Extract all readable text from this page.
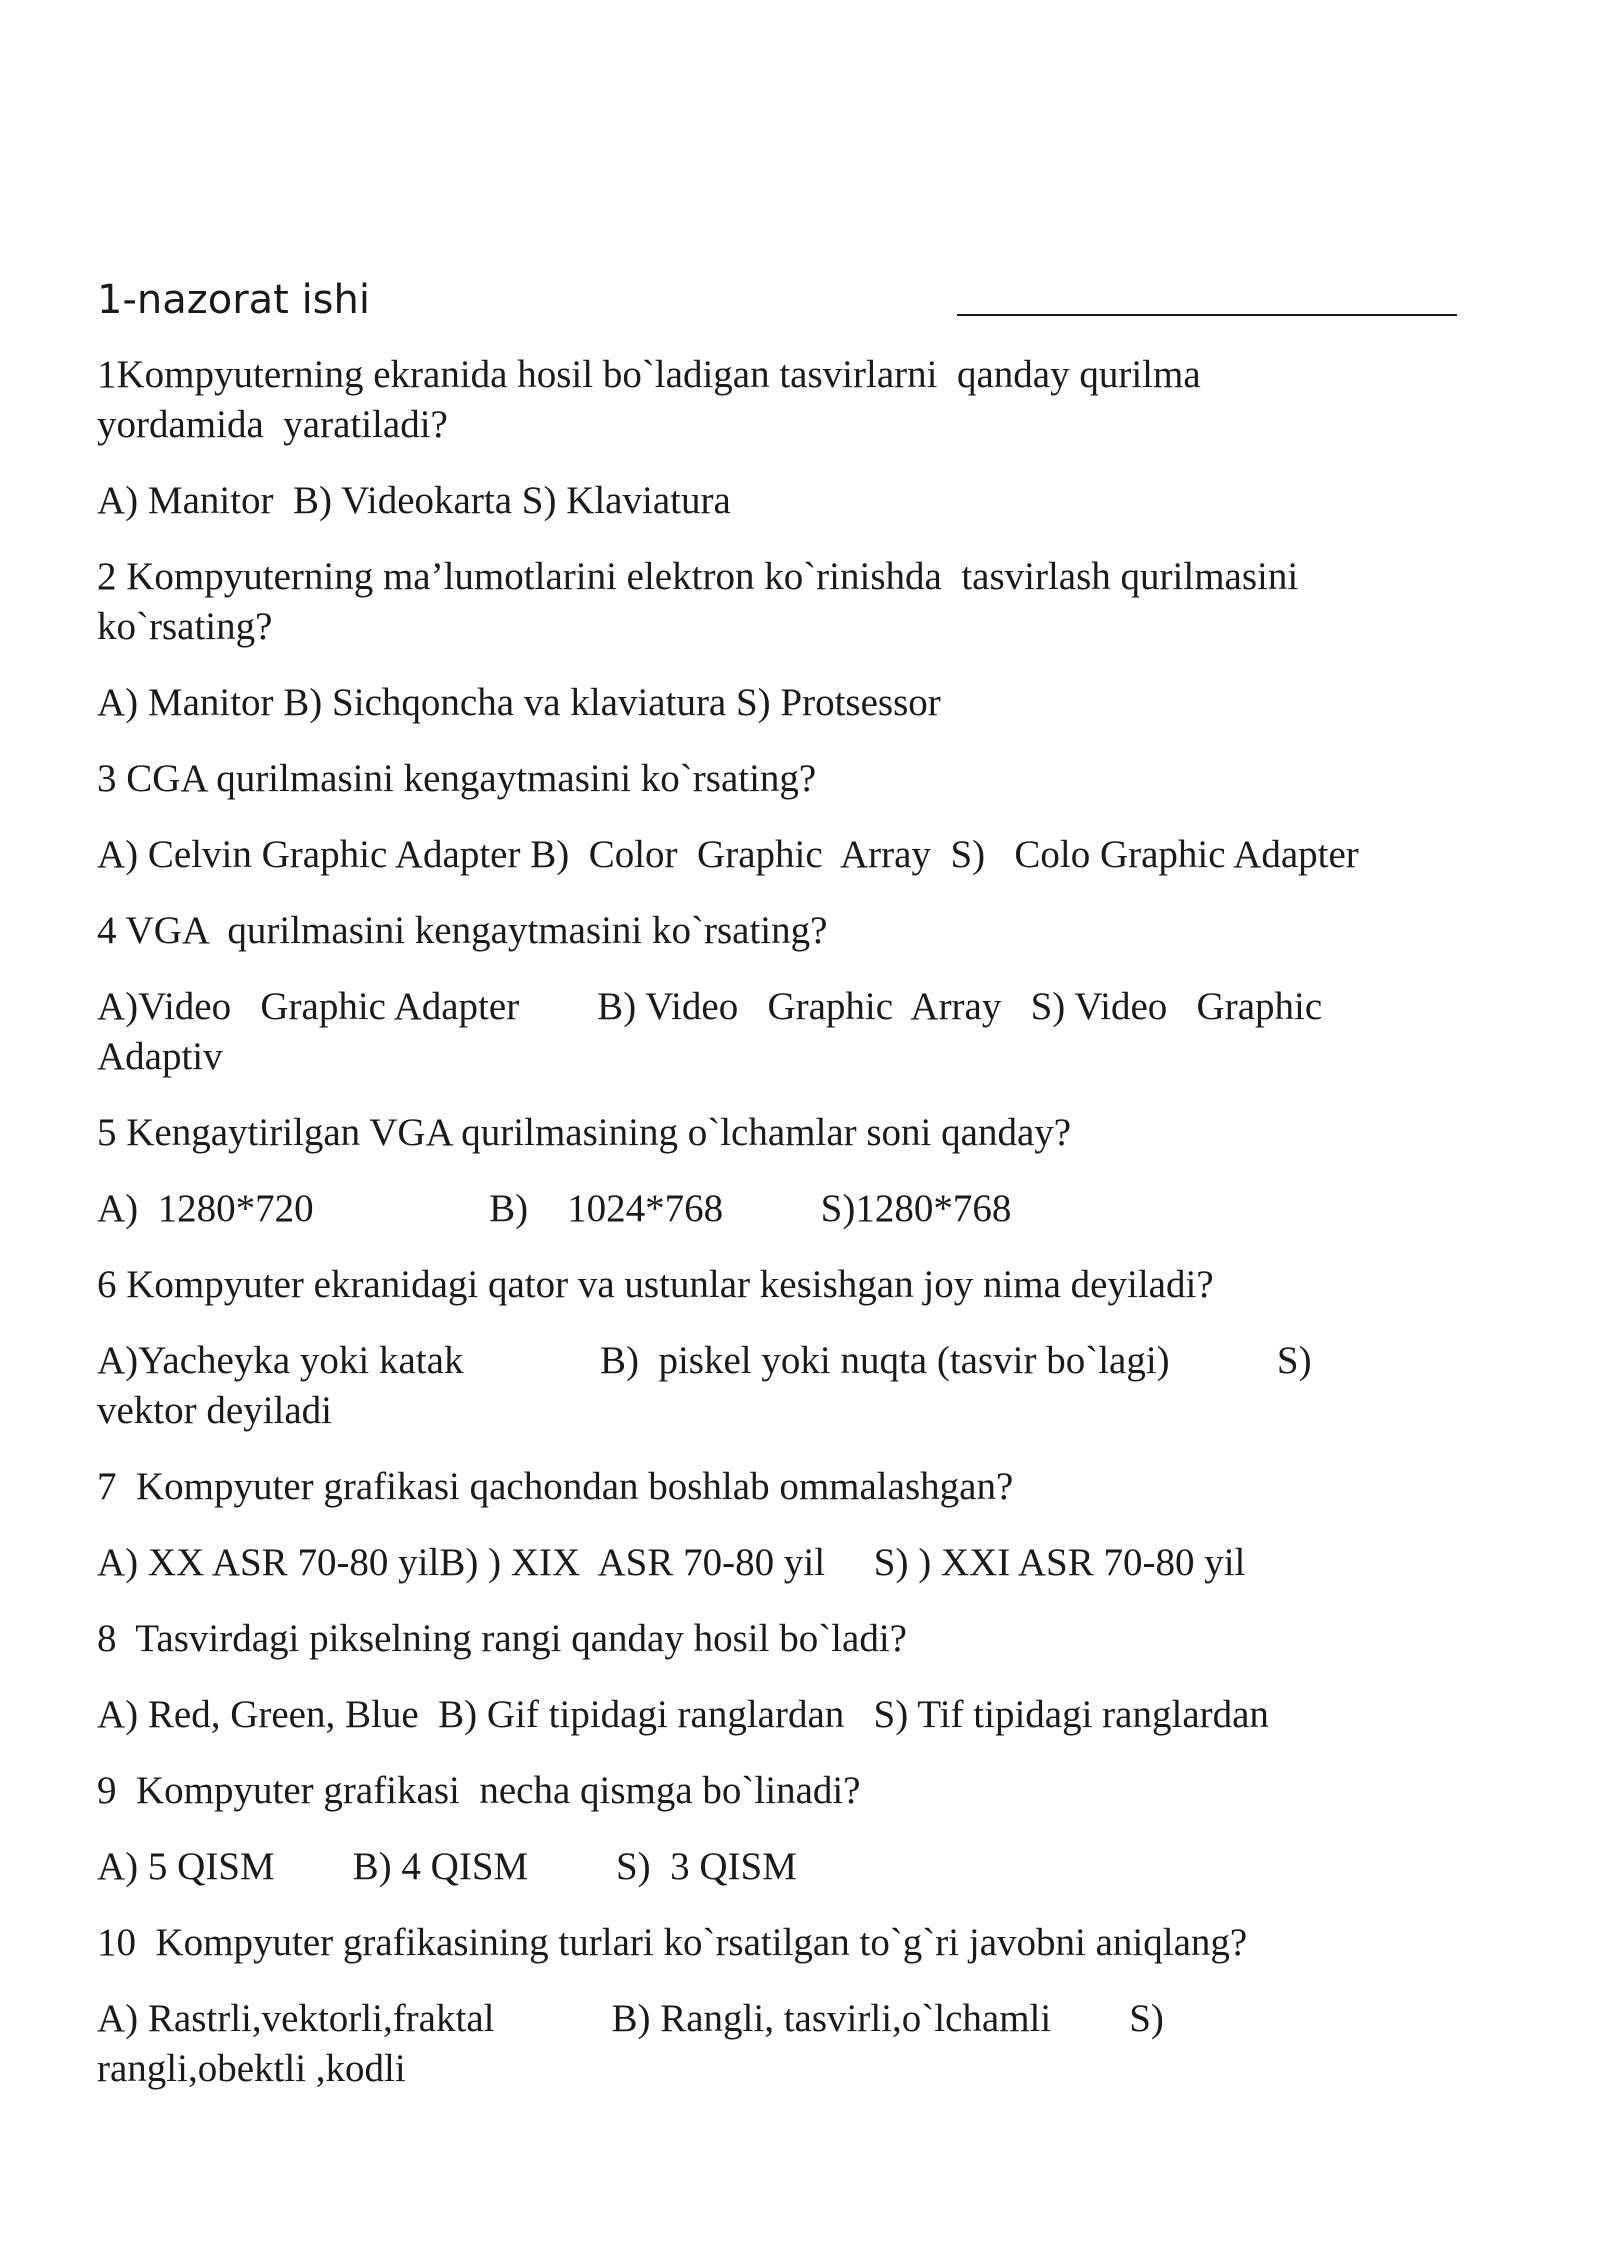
1-nazorat ishi

1Kompyuterning ekranida hosil bo`ladigan tasvirlarni  qanday qurilma
yordamida  yaratiladi?

A) Manitor  B) Videokarta S) Klaviatura

2 Kompyuterning ma’lumotlarini elektron ko`rinishda  tasvirlash qurilmasini
ko`rsating?

A) Manitor B) Sichqoncha va klaviatura S) Protsessor

3 CGA qurilmasini kengaytmasini ko`rsating?

A) Celvin Graphic Adapter B)  Color  Graphic  Array  S)   Colo Graphic Adapter

4 VGA  qurilmasini kengaytmasini ko`rsating?

A)Video   Graphic Adapter        B) Video   Graphic  Array   S) Video   Graphic
Adaptiv

5 Kengaytirilgan VGA qurilmasining o`lchamlar soni qanday?

A)  1280*720                  B)    1024*768          S)1280*768

6 Kompyuter ekranidagi qator va ustunlar kesishgan joy nima deyiladi?

A)Yacheyka yoki katak              B)  piskel yoki nuqta (tasvir bo`lagi)           S)
vektor deyiladi

7  Kompyuter grafikasi qachondan boshlab ommalashgan?

A) XX ASR 70-80 yilB) ) XIX  ASR 70-80 yil     S) ) XXI ASR 70-80 yil

8  Tasvirdagi pikselning rangi qanday hosil bo`ladi?

A) Red, Green, Blue  B) Gif tipidagi ranglardan   S) Tif tipidagi ranglardan

9  Kompyuter grafikasi  necha qismga bo`linadi?

A) 5 QISM        B) 4 QISM         S)  3 QISM

10  Kompyuter grafikasining turlari ko`rsatilgan to`g`ri javobni aniqlang?

A) Rastrli,vektorli,fraktal            B) Rangli, tasvirli,o`lchamli        S)
rangli,obektli ,kodli
